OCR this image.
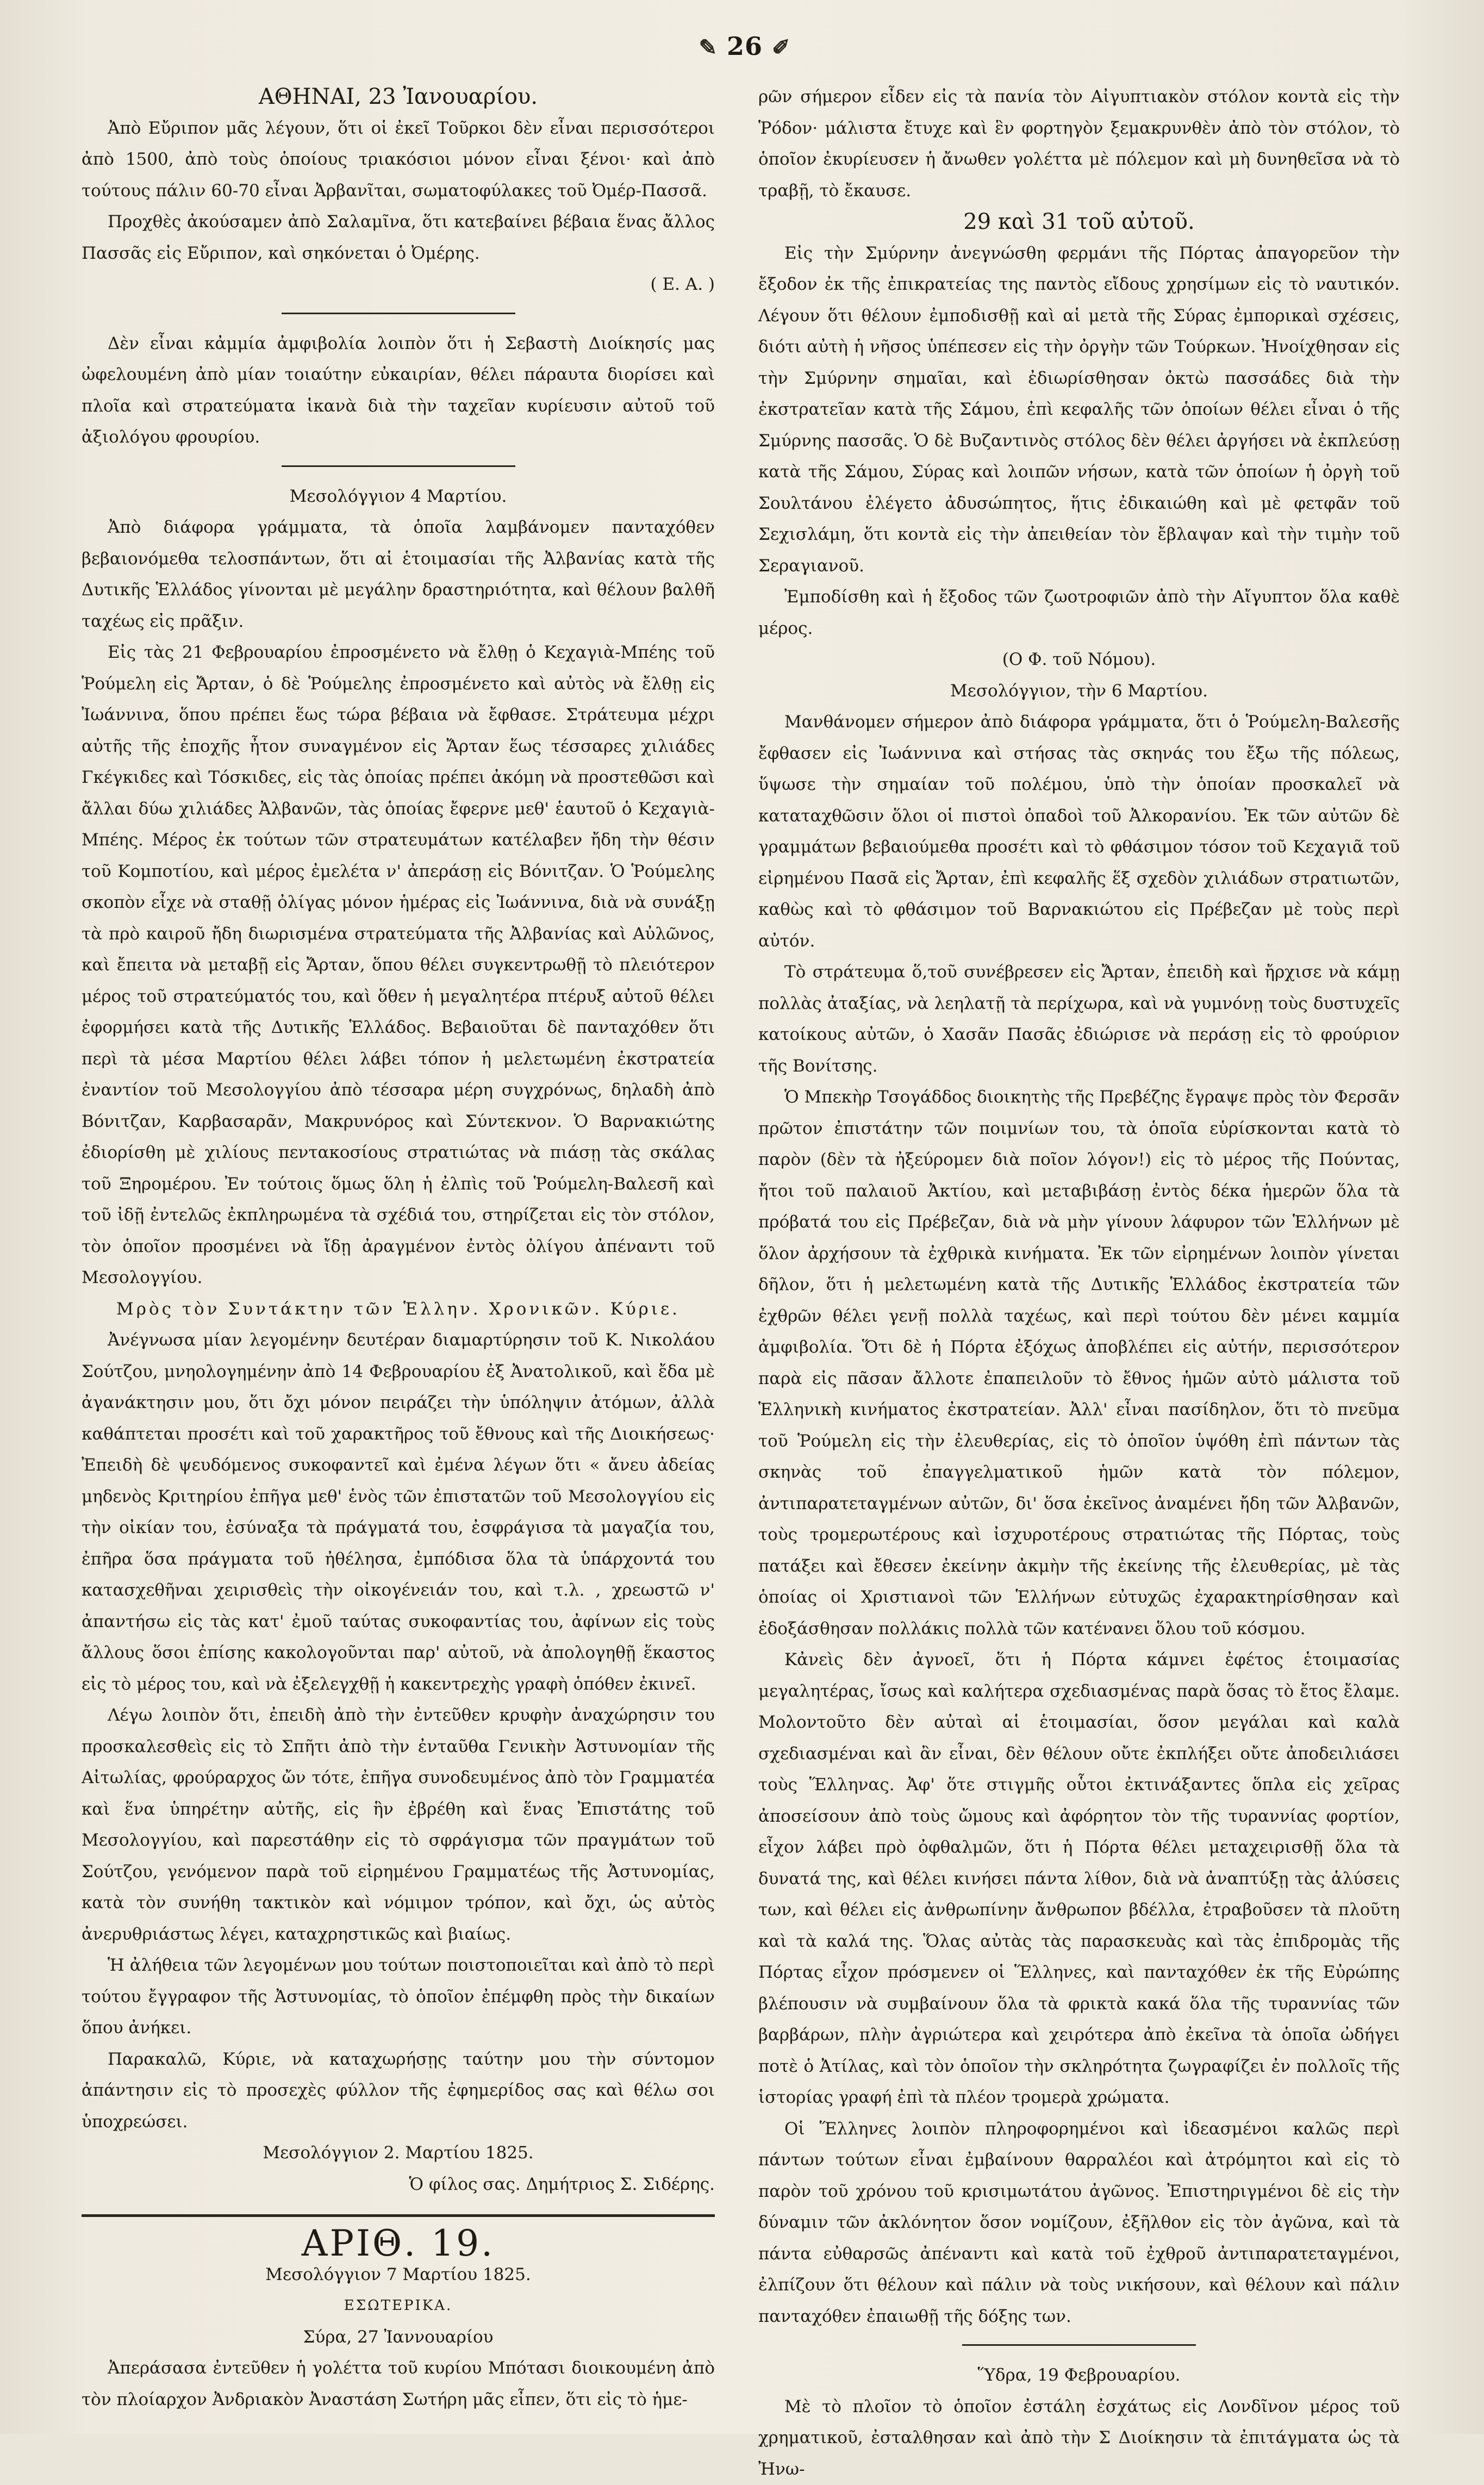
✎ 26 ✐

ΑΘΗΝΑΙ, 23 Ἰανουαρίου.

Ἀπὸ Εὔριπον μᾶς λέγουν, ὅτι οἱ ἐκεῖ Τοῦρκοι δὲν εἶναι περισσότεροι ἀπὸ 1500, ἀπὸ τοὺς ὁποίους τριακόσιοι μόνον εἶναι ξένοι· καὶ ἀπὸ τούτους πάλιν 60-70 εἶναι Ἀρβανῖται, σωματοφύλακες τοῦ Ὀμέρ-Πασσᾶ.

Προχθὲς ἀκούσαμεν ἀπὸ Σαλαμῖνα, ὅτι κατεβαίνει βέβαια ἕνας ἄλλος Πασσᾶς εἰς Εὔριπον, καὶ σηκόνεται ὁ Ὀμέρης.

( Ε. Α. )

Δὲν εἶναι κἀμμία ἀμφιβολία λοιπὸν ὅτι ἡ Σεβαστὴ Διοίκησίς μας ὠφελουμένη ἀπὸ μίαν τοιαύτην εὐκαιρίαν, θέλει πάραυτα διορίσει καὶ πλοῖα καὶ στρατεύματα ἱκανὰ διὰ τὴν ταχεῖαν κυρίευσιν αὐτοῦ τοῦ ἀξιολόγου φρουρίου.

Μεσολόγγιον 4 Μαρτίου.

Ἀπὸ διάφορα γράμματα, τὰ ὁποῖα λαμβάνομεν πανταχόθεν βεβαιονόμεθα τελοσπάντων, ὅτι αἱ ἑτοιμασίαι τῆς Ἀλβανίας κατὰ τῆς Δυτικῆς Ἑλλάδος γίνονται μὲ μεγάλην δραστηριότητα, καὶ θέλουν βαλθῆ ταχέως εἰς πρᾶξιν.

Εἰς τὰς 21 Φεβρουαρίου ἐπροσμένετο νὰ ἔλθῃ ὁ Κεχαγιὰ-Μπέης τοῦ Ῥούμελη εἰς Ἄρταν, ὁ δὲ Ῥούμελης ἐπροσμένετο καὶ αὐτὸς νὰ ἔλθῃ εἰς Ἰωάννινα, ὅπου πρέπει ἕως τώρα βέβαια νὰ ἔφθασε. Στράτευμα μέχρι αὐτῆς τῆς ἐποχῆς ἦτον συναγμένον εἰς Ἄρταν ἕως τέσσαρες χιλιάδες Γκέγκιδες καὶ Τόσκιδες, εἰς τὰς ὁποίας πρέπει ἀκόμη νὰ προστεθῶσι καὶ ἄλλαι δύω χιλιάδες Ἀλβανῶν, τὰς ὁποίας ἔφερνε μεθ' ἑαυτοῦ ὁ Κεχαγιὰ-Μπέης. Μέρος ἐκ τούτων τῶν στρατευμάτων κατέλαβεν ἤδη τὴν θέσιν τοῦ Κομποτίου, καὶ μέρος ἐμελέτα ν' ἀπεράσῃ εἰς Βόνιτζαν. Ὁ Ῥούμελης σκοπὸν εἶχε νὰ σταθῇ ὀλίγας μόνον ἡμέρας εἰς Ἰωάννινα, διὰ νὰ συνάξῃ τὰ πρὸ καιροῦ ἤδη διωρισμένα στρατεύματα τῆς Ἀλβανίας καὶ Αὐλῶνος, καὶ ἔπειτα νὰ μεταβῇ εἰς Ἄρταν, ὅπου θέλει συγκεντρωθῇ τὸ πλειότερον μέρος τοῦ στρατεύματός του, καὶ ὅθεν ἡ μεγαλητέρα πτέρυξ αὐτοῦ θέλει ἐφορμήσει κατὰ τῆς Δυτικῆς Ἑλλάδος. Βεβαιοῦται δὲ πανταχόθεν ὅτι περὶ τὰ μέσα Μαρτίου θέλει λάβει τόπον ἡ μελετωμένη ἐκστρατεία ἐναντίον τοῦ Μεσολογγίου ἀπὸ τέσσαρα μέρη συγχρόνως, δηλαδὴ ἀπὸ Βόνιτζαν, Καρβασαρᾶν, Μακρυνόρος καὶ Σύντεκνον. Ὁ Βαρνακιώτης ἐδιορίσθη μὲ χιλίους πεντακοσίους στρατιώτας νὰ πιάσῃ τὰς σκάλας τοῦ Ξηρομέρου. Ἐν τούτοις ὅμως ὅλη ἡ ἐλπὶς τοῦ Ῥούμελη-Βαλεσῆ καὶ τοῦ ἰδῇ ἐντελῶς ἐκπληρωμένα τὰ σχέδιά του, στηρίζεται εἰς τὸν στόλον, τὸν ὁποῖον προσμένει νὰ ἴδῃ ἀραγμένον ἐντὸς ὀλίγου ἀπέναντι τοῦ Μεσολογγίου.

Μρὸς τὸν Συντάκτην τῶν Ἑλλην. Χρονικῶν. Κύριε.

Ἀνέγνωσα μίαν λεγομένην δευτέραν διαμαρτύρησιν τοῦ Κ. Νικολάου Σούτζου, μνηολογημένην ἀπὸ 14 Φεβρουαρίου ἐξ Ἀνατολικοῦ, καὶ ἔδα μὲ ἀγανάκτησιν μου, ὅτι ὄχι μόνον πειράζει τὴν ὑπόληψιν ἀτόμων, ἀλλὰ καθάπτεται προσέτι καὶ τοῦ χαρακτῆρος τοῦ ἔθνους καὶ τῆς Διοικήσεως· Ἐπειδὴ δὲ ψευδόμενος συκοφαντεῖ καὶ ἐμένα λέγων ὅτι « ἄνευ ἀδείας μηδενὸς Κριτηρίου ἐπῆγα μεθ' ἑνὸς τῶν ἐπιστατῶν τοῦ Μεσολογγίου εἰς τὴν οἰκίαν του, ἐσύναξα τὰ πράγματά του, ἐσφράγισα τὰ μαγαζία του, ἐπῆρα ὅσα πράγματα τοῦ ἠθέλησα, ἐμπόδισα ὅλα τὰ ὑπάρχοντά του κατασχεθῆναι χειρισθεὶς τὴν οἰκογένειάν του, καὶ τ.λ. , χρεωστῶ ν' ἀπαντήσω εἰς τὰς κατ' ἐμοῦ ταύτας συκοφαντίας του, ἀφίνων εἰς τοὺς ἄλλους ὅσοι ἐπίσης κακολογοῦνται παρ' αὐτοῦ, νὰ ἀπολογηθῇ ἕκαστος εἰς τὸ μέρος του, καὶ νὰ ἐξελεγχθῇ ἡ κακεντρεχὴς γραφὴ ὁπόθεν ἐκινεῖ.

Λέγω λοιπὸν ὅτι, ἐπειδὴ ἀπὸ τὴν ἐντεῦθεν κρυφὴν ἀναχώρησιν του προσκαλεσθεὶς εἰς τὸ Σπῆτι ἀπὸ τὴν ἐνταῦθα Γενικὴν Ἀστυνομίαν τῆς Αἰτωλίας, φρούραρχος ὤν τότε, ἐπῆγα συνοδευμένος ἀπὸ τὸν Γραμματέα καὶ ἕνα ὑπηρέτην αὐτῆς, εἰς ἣν ἐβρέθη καὶ ἕνας Ἐπιστάτης τοῦ Μεσολογγίου, καὶ παρεστάθην εἰς τὸ σφράγισμα τῶν πραγμάτων τοῦ Σούτζου, γενόμενον παρὰ τοῦ εἰρημένου Γραμματέως τῆς Ἀστυνομίας, κατὰ τὸν συνήθη τακτικὸν καὶ νόμιμον τρόπον, καὶ ὄχι, ὡς αὐτὸς ἀνερυθριάστως λέγει, καταχρηστικῶς καὶ βιαίως.

Ἡ ἀλήθεια τῶν λεγομένων μου τούτων ποιστοποιεῖται καὶ ἀπὸ τὸ περὶ τούτου ἔγγραφον τῆς Ἀστυνομίας, τὸ ὁποῖον ἐπέμφθη πρὸς τὴν δικαίων ὅπου ἀνήκει.

Παρακαλῶ, Κύριε, νὰ καταχωρήσῃς ταύτην μου τὴν σύντομον ἀπάντησιν εἰς τὸ προσεχὲς φύλλον τῆς ἐφημερίδος σας καὶ θέλω σοι ὑποχρεώσει.

Μεσολόγγιον 2. Μαρτίου 1825.

Ὁ φίλος σας. Δημήτριος Σ. Σιδέρης.

ΑΡΙΘ. 19.

Μεσολόγγιον 7 Μαρτίου 1825.

ΕΣΩΤΕΡΙΚΑ.

Σύρα, 27 Ἰαννουαρίου

Ἀπεράσασα ἐντεῦθεν ἡ γολέττα τοῦ κυρίου Μπότασι διοικουμένη ἀπὸ τὸν πλοίαρχον Ἀνδριακὸν Ἀναστάση Σωτήρη μᾶς εἶπεν, ὅτι εἰς τὸ ἡμε-

ρῶν σήμερον εἶδεν εἰς τὰ πανία τὸν Αἰγυπτιακὸν στόλον κοντὰ εἰς τὴν Ῥόδον· μάλιστα ἔτυχε καὶ ἓν φορτηγὸν ξεμακρυνθὲν ἀπὸ τὸν στόλον, τὸ ὁποῖον ἐκυρίευσεν ἡ ἄνωθεν γολέττα μὲ πόλεμον καὶ μὴ δυνηθεῖσα νὰ τὸ τραβῇ, τὸ ἔκαυσε.

29 καὶ 31 τοῦ αὐτοῦ.

Εἰς τὴν Σμύρνην ἀνεγνώσθη φερμάνι τῆς Πόρτας ἀπαγορεῦον τὴν ἔξοδον ἐκ τῆς ἐπικρατείας της παντὸς εἴδους χρησίμων εἰς τὸ ναυτικόν. Λέγουν ὅτι θέλουν ἐμποδισθῇ καὶ αἱ μετὰ τῆς Σύρας ἐμπορικαὶ σχέσεις, διότι αὐτὴ ἡ νῆσος ὑπέπεσεν εἰς τὴν ὀργὴν τῶν Τούρκων. Ἠνοίχθησαν εἰς τὴν Σμύρνην σημαῖαι, καὶ ἐδιωρίσθησαν ὀκτὼ πασσάδες διὰ τὴν ἐκστρατεῖαν κατὰ τῆς Σάμου, ἐπὶ κεφαλῆς τῶν ὁποίων θέλει εἶναι ὁ τῆς Σμύρνης πασσᾶς. Ὁ δὲ Βυζαντινὸς στόλος δὲν θέλει ἀργήσει νὰ ἐκπλεύσῃ κατὰ τῆς Σάμου, Σύρας καὶ λοιπῶν νήσων, κατὰ τῶν ὁποίων ἡ ὀργὴ τοῦ Σουλτάνου ἐλέγετο ἀδυσώπητος, ἥτις ἐδικαιώθη καὶ μὲ φετφᾶν τοῦ Σεχισλάμη, ὅτι κοντὰ εἰς τὴν ἀπειθείαν τὸν ἔβλαψαν καὶ τὴν τιμὴν τοῦ Σεραγιανοῦ.

Ἐμποδίσθη καὶ ἡ ἔξοδος τῶν ζωοτροφιῶν ἀπὸ τὴν Αἴγυπτον ὅλα καθὲ μέρος.

(Ο Φ. τοῦ Νόμου).

Μεσολόγγιον, τὴν 6 Μαρτίου.

Μανθάνομεν σήμερον ἀπὸ διάφορα γράμματα, ὅτι ὁ Ῥούμελη-Βαλεσῆς ἔφθασεν εἰς Ἰωάννινα καὶ στήσας τὰς σκηνάς του ἔξω τῆς πόλεως, ὕψωσε τὴν σημαίαν τοῦ πολέμου, ὑπὸ τὴν ὁποίαν προσκαλεῖ νὰ καταταχθῶσιν ὅλοι οἱ πιστοὶ ὀπαδοὶ τοῦ Ἀλκορανίου. Ἐκ τῶν αὐτῶν δὲ γραμμάτων βεβαιούμεθα προσέτι καὶ τὸ φθάσιμον τόσον τοῦ Κεχαγιᾶ τοῦ εἰρημένου Πασᾶ εἰς Ἄρταν, ἐπὶ κεφαλῆς ἕξ σχεδὸν χιλιάδων στρατιωτῶν, καθὼς καὶ τὸ φθάσιμον τοῦ Βαρνακιώτου εἰς Πρέβεζαν μὲ τοὺς περὶ αὐτόν.

Τὸ στράτευμα ὅ,τοῦ συνέβρεσεν εἰς Ἄρταν, ἐπειδὴ καὶ ἤρχισε νὰ κάμῃ πολλὰς ἀταξίας, νὰ λεηλατῇ τὰ περίχωρα, καὶ νὰ γυμνόνῃ τοὺς δυστυχεῖς κατοίκους αὐτῶν, ὁ Χασᾶν Πασᾶς ἐδιώρισε νὰ περάσῃ εἰς τὸ φρούριον τῆς Βονίτσης.

Ὁ Μπεκὴρ Τσογάδδος διοικητὴς τῆς Πρεβέζης ἔγραψε πρὸς τὸν Φερσᾶν πρῶτον ἐπιστάτην τῶν ποιμνίων του, τὰ ὁποῖα εὑρίσκονται κατὰ τὸ παρὸν (δὲν τὰ ἠξεύρομεν διὰ ποῖον λόγον!) εἰς τὸ μέρος τῆς Πούντας, ἤτοι τοῦ παλαιοῦ Ἀκτίου, καὶ μεταβιβάσῃ ἐντὸς δέκα ἡμερῶν ὅλα τὰ πρόβατά του εἰς Πρέβεζαν, διὰ νὰ μὴν γίνουν λάφυρον τῶν Ἑλλήνων μὲ ὅλον ἀρχήσουν τὰ ἐχθρικὰ κινήματα. Ἐκ τῶν εἰρημένων λοιπὸν γίνεται δῆλον, ὅτι ἡ μελετωμένη κατὰ τῆς Δυτικῆς Ἑλλάδος ἐκστρατεία τῶν ἐχθρῶν θέλει γενῇ πολλὰ ταχέως, καὶ περὶ τούτου δὲν μένει καμμία ἀμφιβολία. Ὅτι δὲ ἡ Πόρτα ἐξόχως ἀποβλέπει εἰς αὐτήν, περισσότερον παρὰ εἰς πᾶσαν ἄλλοτε ἐπαπειλοῦν τὸ ἔθνος ἡμῶν αὐτὸ μάλιστα τοῦ Ἑλληνικὴ κινήματος ἐκστρατείαν. Ἀλλ' εἶναι πασίδηλον, ὅτι τὸ πνεῦμα τοῦ Ῥούμελη εἰς τὴν ἐλευθερίας, εἰς τὸ ὁποῖον ὑψόθη ἐπὶ πάντων τὰς σκηνὰς τοῦ ἐπαγγελματικοῦ ἡμῶν κατὰ τὸν πόλεμον, ἀντιπαρατεταγμένων αὐτῶν, δι' ὅσα ἐκεῖνος ἀναμένει ἤδη τῶν Ἀλβανῶν, τοὺς τρομερωτέρους καὶ ἰσχυροτέρους στρατιώτας τῆς Πόρτας, τοὺς πατάξει καὶ ἔθεσεν ἐκείνην ἀκμὴν τῆς ἐκείνης τῆς ἐλευθερίας, μὲ τὰς ὁποίας οἱ Χριστιανοὶ τῶν Ἑλλήνων εὐτυχῶς ἐχαρακτηρίσθησαν καὶ ἐδοξάσθησαν πολλάκις πολλὰ τῶν κατένανει ὅλου τοῦ κόσμου.

Κἀνεὶς δὲν ἀγνοεῖ, ὅτι ἡ Πόρτα κάμνει ἐφέτος ἑτοιμασίας μεγαλητέρας, ἴσως καὶ καλήτερα σχεδιασμένας παρὰ ὅσας τὸ ἔτος ἔλαμε. Μολοντοῦτο δὲν αὐταὶ αἱ ἑτοιμασίαι, ὅσον μεγάλαι καὶ καλὰ σχεδιασμέναι καὶ ἂν εἶναι, δὲν θέλουν οὔτε ἐκπλήξει οὔτε ἀποδειλιάσει τοὺς Ἕλληνας. Ἀφ' ὅτε στιγμῆς οὗτοι ἐκτινάξαντες ὅπλα εἰς χεῖρας ἀποσείσουν ἀπὸ τοὺς ὤμους καὶ ἀφόρητον τὸν τῆς τυραννίας φορτίον, εἶχον λάβει πρὸ ὀφθαλμῶν, ὅτι ἡ Πόρτα θέλει μεταχειρισθῇ ὅλα τὰ δυνατά της, καὶ θέλει κινήσει πάντα λίθον, διὰ νὰ ἀναπτύξῃ τὰς ἁλύσεις των, καὶ θέλει εἰς ἀνθρωπίνην ἄνθρωπον βδέλλα, ἐτραβοῦσεν τὰ πλοῦτη καὶ τὰ καλά της. Ὅλας αὐτὰς τὰς παρασκευὰς καὶ τὰς ἐπιδρομὰς τῆς Πόρτας εἶχον πρόσμενεν οἱ Ἕλληνες, καὶ πανταχόθεν ἐκ τῆς Εὐρώπης βλέπουσιν νὰ συμβαίνουν ὅλα τὰ φρικτὰ κακά ὅλα τῆς τυραννίας τῶν βαρβάρων, πλὴν ἀγριώτερα καὶ χειρότερα ἀπὸ ἐκεῖνα τὰ ὁποῖα ὠδήγει ποτὲ ὁ Ἀτίλας, καὶ τὸν ὁποῖον τὴν σκληρότητα ζωγραφίζει ἐν πολλοῖς τῆς ἱστορίας γραφή ἐπὶ τὰ πλέον τρομερὰ χρώματα.

Οἱ Ἕλληνες λοιπὸν πληροφορημένοι καὶ ἰδεασμένοι καλῶς περὶ πάντων τούτων εἶναι ἐμβαίνουν θαρραλέοι καὶ ἀτρόμητοι καὶ εἰς τὸ παρὸν τοῦ χρόνου τοῦ κρισιμωτάτου ἀγῶνος. Ἐπιστηριγμένοι δὲ εἰς τὴν δύναμιν τῶν ἀκλόνητον ὅσον νομίζουν, ἐξῆλθον εἰς τὸν ἀγῶνα, καὶ τὰ πάντα εὐθαρσῶς ἀπέναντι καὶ κατὰ τοῦ ἐχθροῦ ἀντιπαρατεταγμένοι, ἐλπίζουν ὅτι θέλουν καὶ πάλιν νὰ τοὺς νικήσουν, καὶ θέλουν καὶ πάλιν πανταχόθεν ἐπαιωθῇ τῆς δόξης των.

Ὕδρα, 19 Φεβρουαρίου.

Μὲ τὸ πλοῖον τὸ ὁποῖον ἐστάλη ἐσχάτως εἰς Λονδῖνον μέρος τοῦ χρηματικοῦ, ἐσταλθησαν καὶ ἀπὸ τὴν Σ Διοίκησιν τὰ ἐπιτάγματα ὡς τὰ Ἠνω-
